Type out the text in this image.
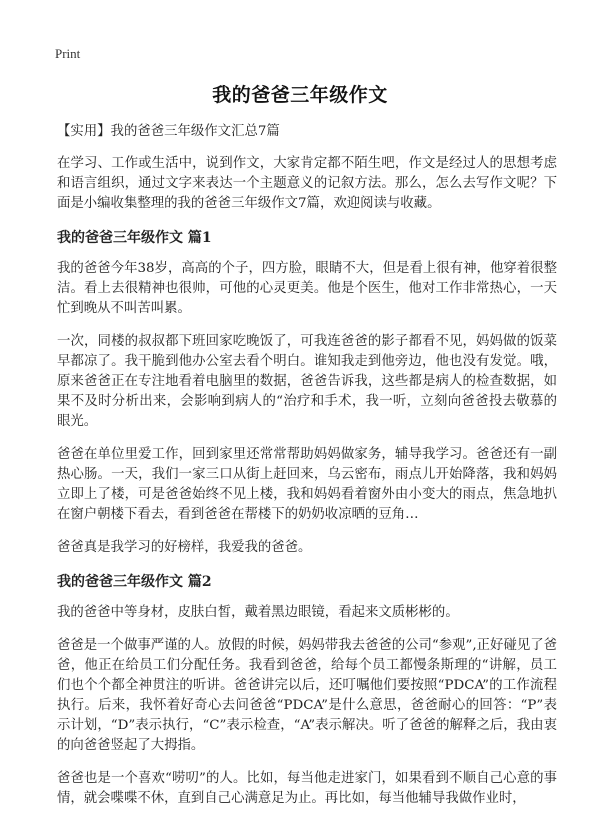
Print
我的爸爸三年级作文

【实用】我的爸爸三年级作文汇总7篇

在学习、工作或生活中，说到作文，大家肯定都不陌生吧，作文是经过人的思想考虑和语言组织，通过文字来表达一个主题意义的记叙方法。那么，怎么去写作文呢？下面是小编收集整理的我的爸爸三年级作文7篇，欢迎阅读与收藏。

我的爸爸三年级作文 篇1

我的爸爸今年38岁，高高的个子，四方脸，眼睛不大，但是看上很有神，他穿着很整洁。看上去很精神也很帅，可他的心灵更美。他是个医生，他对工作非常热心，一天忙到晚从不叫苦叫累。

一次，同楼的叔叔都下班回家吃晚饭了，可我连爸爸的影子都看不见，妈妈做的饭菜早都凉了。我干脆到他办公室去看个明白。谁知我走到他旁边，他也没有发觉。哦，原来爸爸正在专注地看着电脑里的数据，爸爸告诉我，这些都是病人的检查数据，如果不及时分析出来，会影响到病人的“治疗和手术，我一听，立刻向爸爸投去敬慕的眼光。

爸爸在单位里爱工作，回到家里还常常帮助妈妈做家务，辅导我学习。爸爸还有一副热心肠。一天，我们一家三口从街上赶回来，乌云密布，雨点儿开始降落，我和妈妈立即上了楼，可是爸爸始终不见上楼，我和妈妈看着窗外由小变大的雨点，焦急地扒在窗户朝楼下看去，看到爸爸在帮楼下的奶奶收凉晒的豆角…

爸爸真是我学习的好榜样，我爱我的爸爸。

我的爸爸三年级作文 篇2

我的爸爸中等身材，皮肤白皙，戴着黑边眼镜，看起来文质彬彬的。

爸爸是一个做事严谨的人。放假的时候，妈妈带我去爸爸的公司“参观”,正好碰见了爸爸，他正在给员工们分配任务。我看到爸爸，给每个员工都慢条斯理的“讲解，员工们也个个都全神贯注的听讲。爸爸讲完以后，还叮嘱他们要按照“PDCA”的工作流程执行。后来，我怀着好奇心去问爸爸“PDCA”是什么意思，爸爸耐心的回答：“P”表示计划，“D”表示执行，“C”表示检查，“A”表示解决。听了爸爸的解释之后，我由衷的向爸爸竖起了大拇指。

爸爸也是一个喜欢“唠叨”的人。比如，每当他走进家门，如果看到不顺自己心意的事情，就会喋喋不休，直到自己心满意足为止。再比如，每当他辅导我做作业时，
